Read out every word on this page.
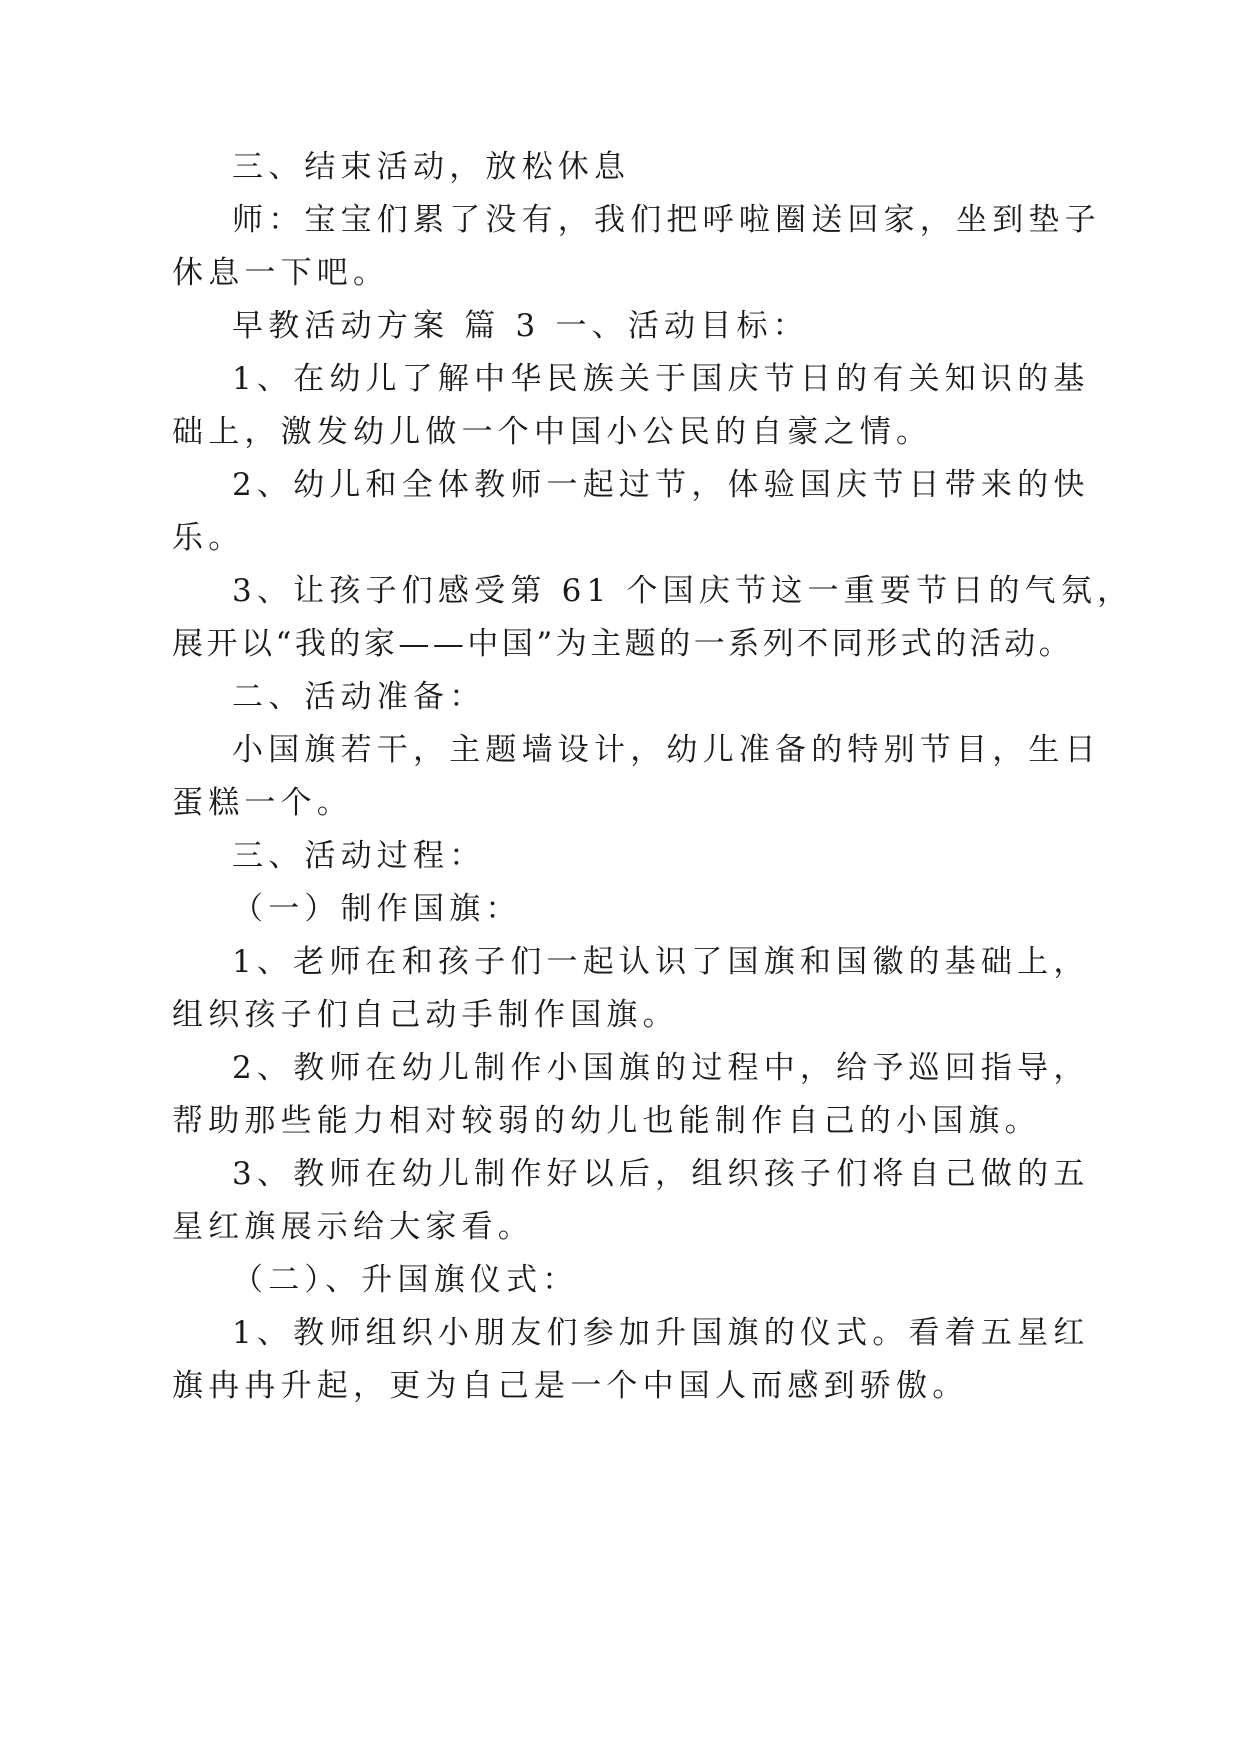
三、结束活动，放松休息
师：宝宝们累了没有，我们把呼啦圈送回家，坐到垫子
休息一下吧。
早教活动方案 篇 3 一、活动目标：
1、在幼儿了解中华民族关于国庆节日的有关知识的基
础上，激发幼儿做一个中国小公民的自豪之情。
2、幼儿和全体教师一起过节，体验国庆节日带来的快
乐。
3、让孩子们感受第 61 个国庆节这一重要节日的气氛，
展开以“我的家——中国”为主题的一系列不同形式的活动。
二、活动准备：
小国旗若干，主题墙设计，幼儿准备的特别节目，生日
蛋糕一个。
三、活动过程：
（一）制作国旗：
1、老师在和孩子们一起认识了国旗和国徽的基础上，
组织孩子们自己动手制作国旗。
2、教师在幼儿制作小国旗的过程中，给予巡回指导，
帮助那些能力相对较弱的幼儿也能制作自己的小国旗。
3、教师在幼儿制作好以后，组织孩子们将自己做的五
星红旗展示给大家看。
（二）、升国旗仪式：
1、教师组织小朋友们参加升国旗的仪式。看着五星红
旗冉冉升起，更为自己是一个中国人而感到骄傲。
